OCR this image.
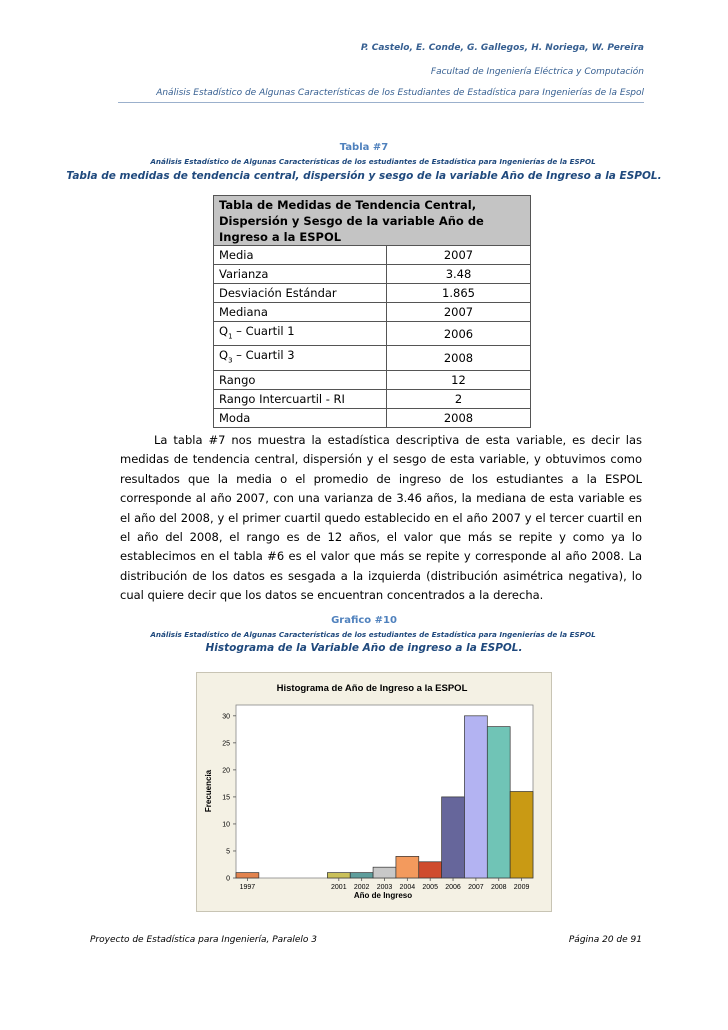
P. Castelo, E. Conde, G. Gallegos, H. Noriega, W. Pereira
Facultad de Ingeniería Eléctrica y Computación
Análisis Estadístico de Algunas Características de los Estudiantes de Estadística para Ingenierías de la Espol
Tabla #7
Análisis Estadístico de Algunas Características de los estudiantes de Estadística para Ingenierías de la ESPOL
Tabla de medidas de tendencia central, dispersión y sesgo de la variable Año de Ingreso a la ESPOL.
Tabla de Medidas de Tendencia Central, Dispersión y Sesgo de la variable Año de Ingreso a la ESPOL	
Media	2007
Varianza	3.48
Desviación Estándar	1.865
Mediana	2007
$Q_1$ – Cuartil 1	2006
$Q_3$ – Cuartil 3	2008
Rango	12
Rango Intercuartil - RI	2
Moda	2008
La tabla #7 nos muestra la estadística descriptiva de esta variable, es decir las medidas de tendencia central, dispersión y el sesgo de esta variable, y obtuvimos como resultados que la media o el promedio de ingreso de los estudiantes a la ESPOL corresponde al año 2007, con una varianza de 3.46 años, la mediana de esta variable es el año del 2008, y el primer cuartil quedo establecido en el año 2007 y el tercer cuartil en el año del 2008, el rango es de 12 años, el valor que más se repite y como ya lo establecimos en el tabla #6 es el valor que más se repite y corresponde al año 2008. La distribución de los datos es sesgada a la izquierda (distribución asimétrica negativa), lo cual quiere decir que los datos se encuentran concentrados a la derecha.
Grafico #10
Análisis Estadístico de Algunas Características de los estudiantes de Estadística para Ingenierías de la ESPOL
Histograma de la Variable Año de ingreso a la ESPOL.
Histograma de Año de Ingreso a la ESPOL
Año de Ingreso
Frecuencia
0
5
10
15
20
25
30
1997	2001 2002 2003 2004 2005 2006 2007 2008 2009
Proyecto de Estadística para Ingeniería, Paralelo 3	Página 20 de 91
